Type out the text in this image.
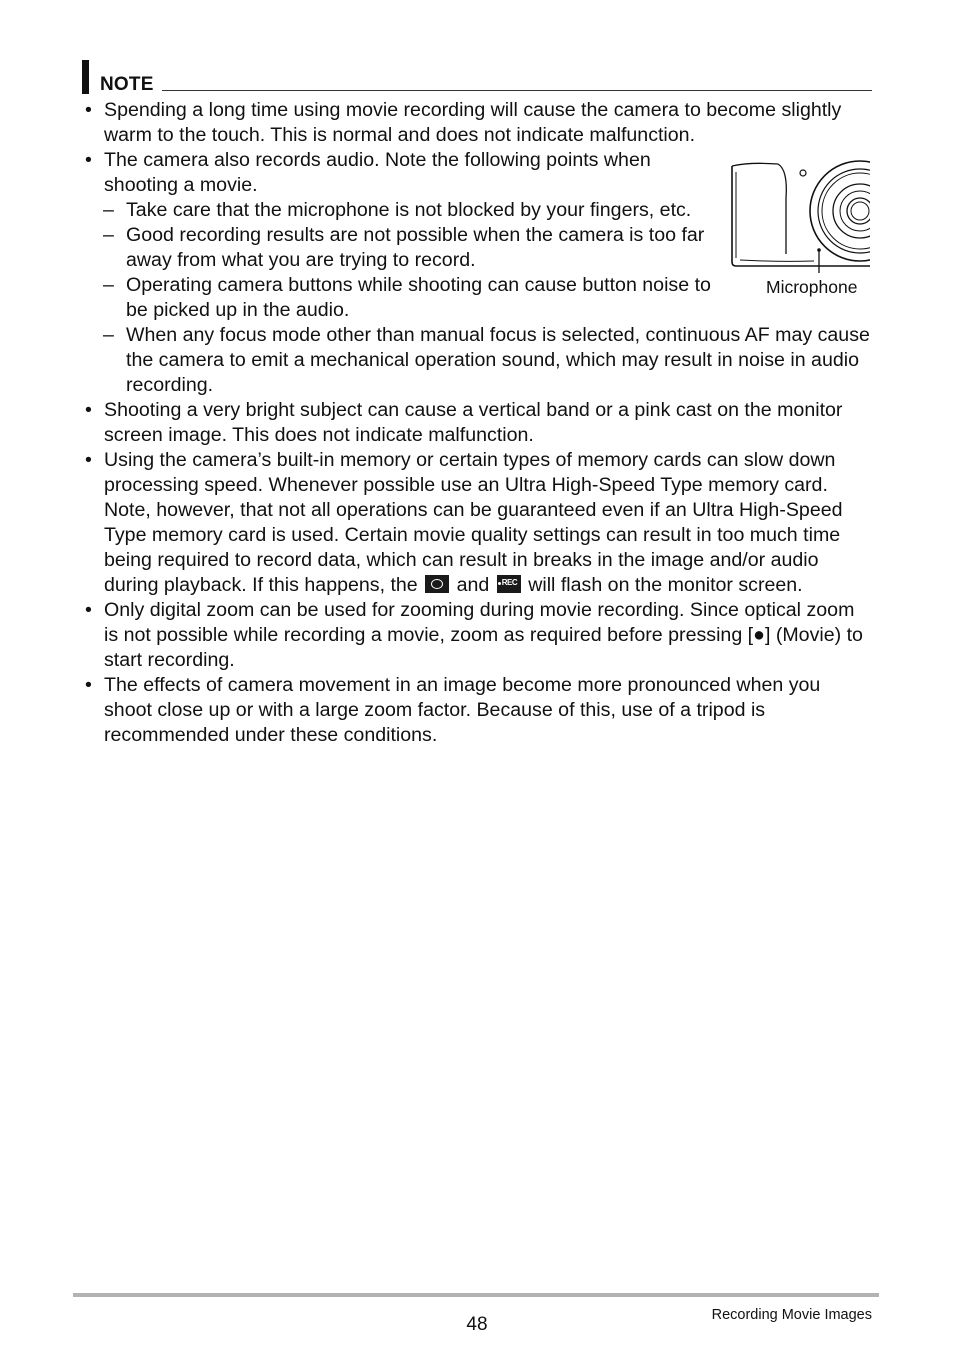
NOTE
• Spending a long time using movie recording will cause the camera to become slightly warm to the touch. This is normal and does not indicate malfunction.
• The camera also records audio. Note the following points when shooting a movie.
– Take care that the microphone is not blocked by your fingers, etc.
– Good recording results are not possible when the camera is too far away from what you are trying to record.
– Operating camera buttons while shooting can cause button noise to be picked up in the audio.
– When any focus mode other than manual focus is selected, continuous AF may cause the camera to emit a mechanical operation sound, which may result in noise in audio recording.
• Shooting a very bright subject can cause a vertical band or a pink cast on the monitor screen image. This does not indicate malfunction.
• Using the camera’s built-in memory or certain types of memory cards can slow down processing speed. Whenever possible use an Ultra High-Speed Type memory card. Note, however, that not all operations can be guaranteed even if an Ultra High-Speed Type memory card is used. Certain movie quality settings can result in too much time being required to record data, which can result in breaks in the image and/or audio during playback. If this happens, the  and REC will flash on the monitor screen.
• Only digital zoom can be used for zooming during movie recording. Since optical zoom is not possible while recording a movie, zoom as required before pressing [●] (Movie) to start recording.
• The effects of camera movement in an image become more pronounced when you shoot close up or with a large zoom factor. Because of this, use of a tripod is recommended under these conditions.
Microphone
48	Recording Movie Images
